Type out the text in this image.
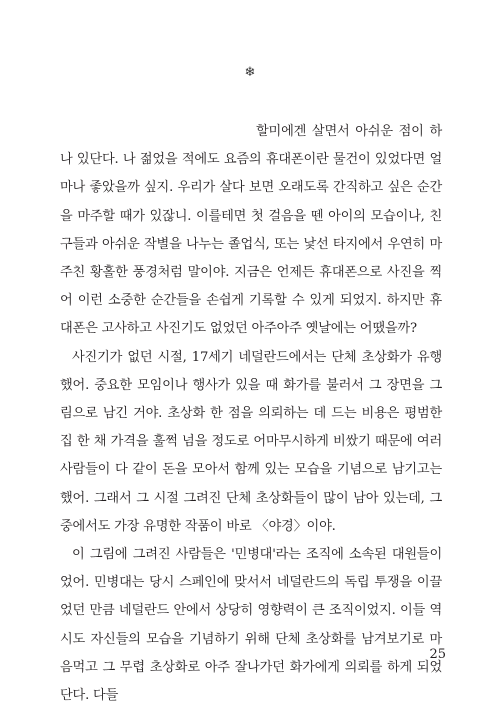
❄

할미에겐 살면서 아쉬운 점이 하나 있단다. 나 젊었을 적에도 요즘의 휴대폰이란 물건이 있었다면 얼마나 좋았을까 싶지. 우리가 살다 보면 오래도록 간직하고 싶은 순간을 마주할 때가 있잖니. 이를테면 첫 걸음을 뗀 아이의 모습이나, 친구들과 아쉬운 작별을 나누는 졸업식, 또는 낯선 타지에서 우연히 마주친 황홀한 풍경처럼 말이야. 지금은 언제든 휴대폰으로 사진을 찍어 이런 소중한 순간들을 손쉽게 기록할 수 있게 되었지. 하지만 휴대폰은 고사하고 사진기도 없었던 아주아주 옛날에는 어땠을까?

사진기가 없던 시절, 17세기 네덜란드에서는 단체 초상화가 유행했어. 중요한 모임이나 행사가 있을 때 화가를 불러서 그 장면을 그림으로 남긴 거야. 초상화 한 점을 의뢰하는 데 드는 비용은 평범한 집 한 채 가격을 훌쩍 넘을 정도로 어마무시하게 비쌌기 때문에 여러 사람들이 다 같이 돈을 모아서 함께 있는 모습을 기념으로 남기고는 했어. 그래서 그 시절 그려진 단체 초상화들이 많이 남아 있는데, 그중에서도 가장 유명한 작품이 바로 〈야경〉이야.

이 그림에 그려진 사람들은 '민병대'라는 조직에 소속된 대원들이었어. 민병대는 당시 스페인에 맞서서 네덜란드의 독립 투쟁을 이끌었던 만큼 네덜란드 안에서 상당히 영향력이 큰 조직이었지. 이들 역시도 자신들의 모습을 기념하기 위해 단체 초상화를 남겨보기로 마음먹고 그 무렵 초상화로 아주 잘나가던 화가에게 의뢰를 하게 되었단다. 다들

25
